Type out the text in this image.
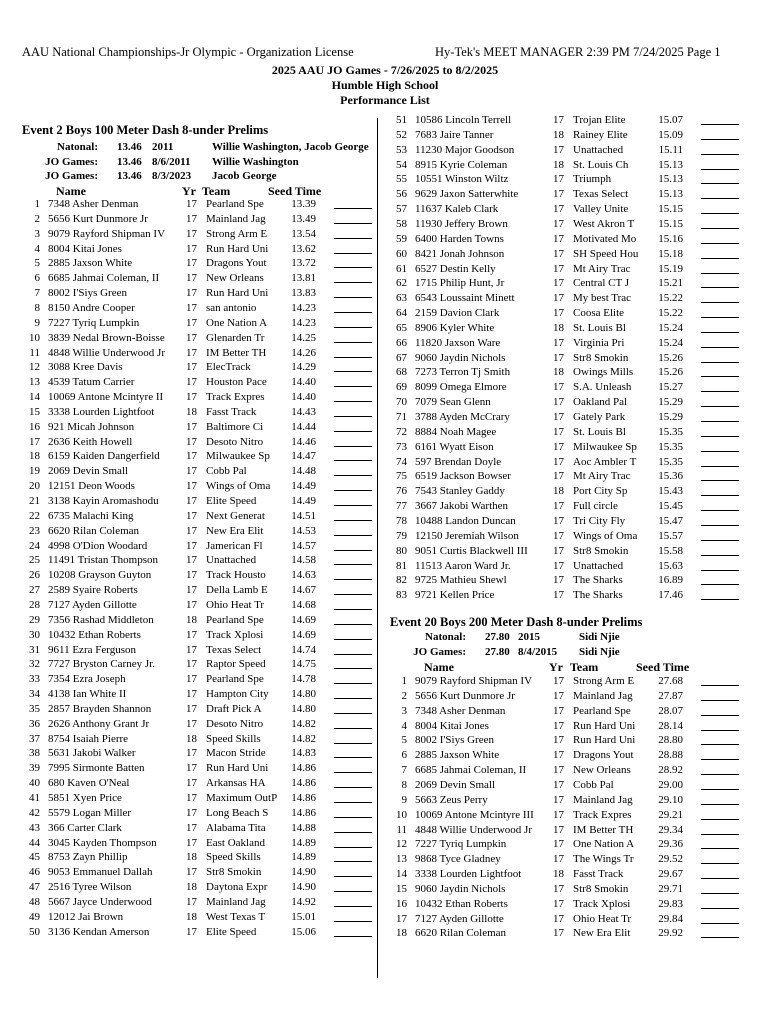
AAU National Championships-Jr Olympic - Organization License	Hy-Tek's MEET MANAGER 2:39 PM 7/24/2025 Page 1
2025 AAU JO Games - 7/26/2025 to 8/2/2025
Humble High School
Performance List
Event 2 Boys 100 Meter Dash 8-under Prelims
Natonal: 13.46 2011	Willie Washington, Jacob George
JO Games: 13.46 8/6/2011	Willie Washington
JO Games: 13.46 8/3/2023	Jacob George
Name	Yr Team	Seed Time
1 7348 Asher Denman	17 Pearland Spe	13.39
2 5656 Kurt Dunmore Jr	17 Mainland Jag	13.49
3 9079 Rayford Shipman IV	17 Strong Arm E	13.54
4 8004 Kitai Jones	17 Run Hard Uni	13.62
5 2885 Jaxson White	17 Dragons Yout	13.72
6 6685 Jahmai Coleman, II	17 New Orleans	13.81
7 8002 I'Siys Green	17 Run Hard Uni	13.83
8 8150 Andre Cooper	17 san antonio	14.23
9 7227 Tyriq Lumpkin	17 One Nation A	14.23
10 3839 Nedal Brown-Boisse	17 Glenarden Tr	14.25
11 4848 Willie Underwood Jr	17 IM Better TH	14.26
12 3088 Kree Davis	17 ElecTrack	14.29
13 4539 Tatum Carrier	17 Houston Pace	14.40
14 10069 Antone Mcintyre II	17 Track Expres	14.40
15 3338 Lourden Lightfoot	18 Fasst Track	14.43
16 921 Micah Johnson	17 Baltimore Ci	14.44
17 2636 Keith Howell	17 Desoto Nitro	14.46
18 6159 Kaiden Dangerfield	17 Milwaukee Sp	14.47
19 2069 Devin Small	17 Cobb Pal	14.48
20 12151 Deon Woods	17 Wings of Oma	14.49
21 3138 Kayin Aromashodu	17 Elite Speed	14.49
22 6735 Malachi King	17 Next Generat	14.51
23 6620 Rilan Coleman	17 New Era Elit	14.53
24 4998 O'Dion Woodard	17 Jamerican Fl	14.57
25 11491 Tristan Thompson	17 Unattached	14.58
26 10208 Grayson Guyton	17 Track Housto	14.63
27 2589 Syaire Roberts	17 Della Lamb E	14.67
28 7127 Ayden Gillotte	17 Ohio Heat Tr	14.68
29 7356 Rashad Middleton	18 Pearland Spe	14.69
30 10432 Ethan Roberts	17 Track Xplosi	14.69
31 9611 Ezra Ferguson	17 Texas Select	14.74
32 7727 Bryston Carney Jr.	17 Raptor Speed	14.75
33 7354 Ezra Joseph	17 Pearland Spe	14.78
34 4138 Ian White II	17 Hampton City	14.80
35 2857 Brayden Shannon	17 Draft Pick A	14.80
36 2626 Anthony Grant Jr	17 Desoto Nitro	14.82
37 8754 Isaiah Pierre	18 Speed Skills	14.82
38 5631 Jakobi Walker	17 Macon Stride	14.83
39 7995 Sirmonte Batten	17 Run Hard Uni	14.86
40 680 Kaven O'Neal	17 Arkansas HA	14.86
41 5851 Xyen Price	17 Maximum OutP	14.86
42 5579 Logan Miller	17 Long Beach S	14.86
43 366 Carter Clark	17 Alabama Tita	14.88
44 3045 Kayden Thompson	17 East Oakland	14.89
45 8753 Zayn Phillip	18 Speed Skills	14.89
46 9053 Emmanuel Dallah	17 Str8 Smokin	14.90
47 2516 Tyree Wilson	18 Daytona Expr	14.90
48 5667 Jayce Underwood	17 Mainland Jag	14.92
49 12012 Jai Brown	18 West Texas T	15.01
50 3136 Kendan Amerson	17 Elite Speed	15.06
51 10586 Lincoln Terrell	17 Trojan Elite	15.07
52 7683 Jaire Tanner	18 Rainey Elite	15.09
53 11230 Major Goodson	17 Unattached	15.11
54 8915 Kyrie Coleman	18 St. Louis Ch	15.13
55 10551 Winston Wiltz	17 Triumph	15.13
56 9629 Jaxon Satterwhite	17 Texas Select	15.13
57 11637 Kaleb Clark	17 Valley Unite	15.15
58 11930 Jeffery Brown	17 West Akron T	15.15
59 6400 Harden Towns	17 Motivated Mo	15.16
60 8421 Jonah Johnson	17 SH Speed Hou	15.18
61 6527 Destin Kelly	17 Mt Airy Trac	15.19
62 1715 Philip Hunt, Jr	17 Central CT J	15.21
63 6543 Loussaint Minett	17 My best Trac	15.22
64 2159 Davion Clark	17 Coosa Elite	15.22
65 8906 Kyler White	18 St. Louis Bl	15.24
66 11820 Jaxson Ware	17 Virginia Pri	15.24
67 9060 Jaydin Nichols	17 Str8 Smokin	15.26
68 7273 Terron Tj Smith	18 Owings Mills	15.26
69 8099 Omega Elmore	17 S.A. Unleash	15.27
70 7079 Sean Glenn	17 Oakland Pal	15.29
71 3788 Ayden McCrary	17 Gately Park	15.29
72 8884 Noah Magee	17 St. Louis Bl	15.35
73 6161 Wyatt Eison	17 Milwaukee Sp	15.35
74 597 Brendan Doyle	17 Aoc Ambler T	15.35
75 6519 Jackson Bowser	17 Mt Airy Trac	15.36
76 7543 Stanley Gaddy	18 Port City Sp	15.43
77 3667 Jakobi Warthen	17 Full circle	15.45
78 10488 Landon Duncan	17 Tri City Fly	15.47
79 12150 Jeremiah Wilson	17 Wings of Oma	15.57
80 9051 Curtis Blackwell III	17 Str8 Smokin	15.58
81 11513 Aaron Ward Jr.	17 Unattached	15.63
82 9725 Mathieu Shewl	17 The Sharks	16.89
83 9721 Kellen Price	17 The Sharks	17.46
Event 20 Boys 200 Meter Dash 8-under Prelims
Natonal: 27.80 2015	Sidi Njie
JO Games: 27.80 8/4/2015	Sidi Njie
Name	Yr Team	Seed Time
1 9079 Rayford Shipman IV	17 Strong Arm E	27.68
2 5656 Kurt Dunmore Jr	17 Mainland Jag	27.87
3 7348 Asher Denman	17 Pearland Spe	28.07
4 8004 Kitai Jones	17 Run Hard Uni	28.14
5 8002 I'Siys Green	17 Run Hard Uni	28.80
6 2885 Jaxson White	17 Dragons Yout	28.88
7 6685 Jahmai Coleman, II	17 New Orleans	28.92
8 2069 Devin Small	17 Cobb Pal	29.00
9 5663 Zeus Perry	17 Mainland Jag	29.10
10 10069 Antone Mcintyre III	17 Track Expres	29.21
11 4848 Willie Underwood Jr	17 IM Better TH	29.34
12 7227 Tyriq Lumpkin	17 One Nation A	29.36
13 9868 Tyce Gladney	17 The Wings Tr	29.52
14 3338 Lourden Lightfoot	18 Fasst Track	29.67
15 9060 Jaydin Nichols	17 Str8 Smokin	29.71
16 10432 Ethan Roberts	17 Track Xplosi	29.83
17 7127 Ayden Gillotte	17 Ohio Heat Tr	29.84
18 6620 Rilan Coleman	17 New Era Elit	29.92
